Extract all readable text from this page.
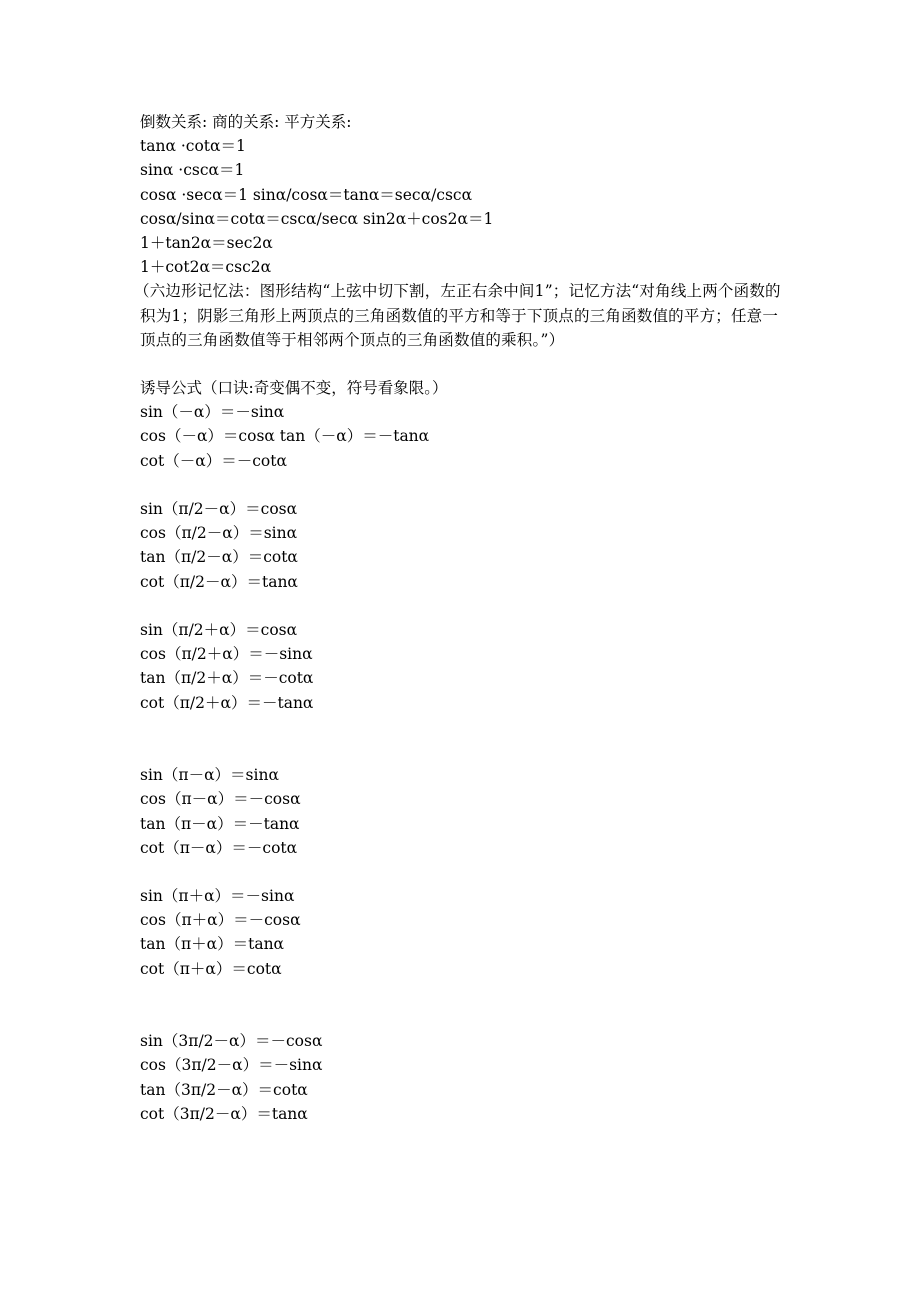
倒数关系: 商的关系: 平方关系:
tanα ·cotα＝1
sinα ·cscα＝1
cosα ·secα＝1 sinα/cosα＝tanα＝secα/cscα
cosα/sinα＝cotα＝cscα/secα sin2α＋cos2α＝1
1＋tan2α＝sec2α
1＋cot2α＝csc2α
（六边形记忆法：图形结构“上弦中切下割，左正右余中间1”；记忆方法“对角线上两个函数的积为1；阴影三角形上两顶点的三角函数值的平方和等于下顶点的三角函数值的平方；任意一顶点的三角函数值等于相邻两个顶点的三角函数值的乘积。”）
诱导公式（口诀:奇变偶不变，符号看象限。）
sin（－α）＝－sinα
cos（－α）＝cosα tan（－α）＝－tanα
cot（－α）＝－cotα
sin（π/2－α）＝cosα
cos（π/2－α）＝sinα
tan（π/2－α）＝cotα
cot（π/2－α）＝tanα
sin（π/2＋α）＝cosα
cos（π/2＋α）＝－sinα
tan（π/2＋α）＝－cotα
cot（π/2＋α）＝－tanα
sin（π－α）＝sinα
cos（π－α）＝－cosα
tan（π－α）＝－tanα
cot（π－α）＝－cotα
sin（π＋α）＝－sinα
cos（π＋α）＝－cosα
tan（π＋α）＝tanα
cot（π＋α）＝cotα
sin（3π/2－α）＝－cosα
cos（3π/2－α）＝－sinα
tan（3π/2－α）＝cotα
cot（3π/2－α）＝tanα
